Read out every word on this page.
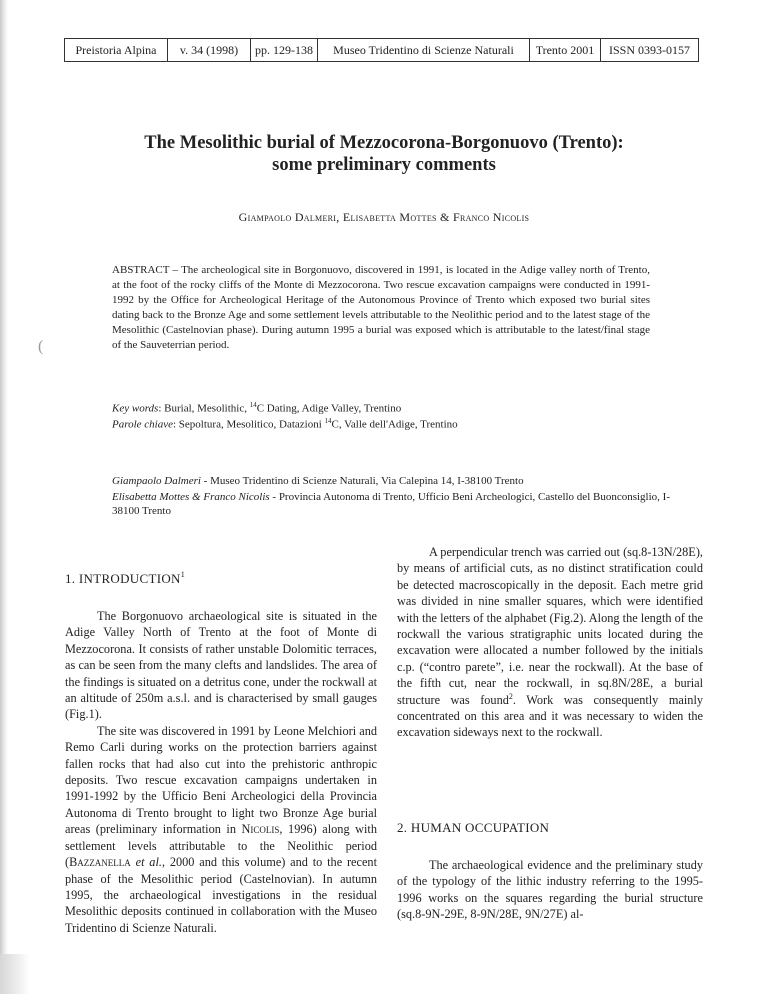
(
Preistoria Alpina	v. 34 (1998)	pp. 129-138	Museo Tridentino di Scienze Naturali	Trento 2001	ISSN 0393-0157
The Mesolithic burial of Mezzocorona-Borgonuovo (Trento):
some preliminary comments
Giampaolo Dalmeri, Elisabetta Mottes & Franco Nicolis
ABSTRACT – The archeological site in Borgonuovo, discovered in 1991, is located in the Adige valley north of Trento, at the foot of the rocky cliffs of the Monte di Mezzocorona. Two rescue excavation campaigns were conducted in 1991-1992 by the Office for Archeological Heritage of the Autonomous Province of Trento which exposed two burial sites dating back to the Bronze Age and some settlement levels attributable to the Neolithic period and to the latest stage of the Mesolithic (Castelnovian phase). During autumn 1995 a burial was exposed which is attributable to the latest/final stage of the Sauveterrian period.
Key words: Burial, Mesolithic, $^{14}$C Dating, Adige Valley, Trentino
Parole chiave: Sepoltura, Mesolitico, Datazioni $^{14}$C, Valle dell'Adige, Trentino
Giampaolo Dalmeri - Museo Tridentino di Scienze Naturali, Via Calepina 14, I-38100 Trento
Elisabetta Mottes & Franco Nicolis - Provincia Autonoma di Trento, Ufficio Beni Archeologici, Castello del Buonconsiglio, I-38100 Trento
1. INTRODUCTION$^1$

The Borgonuovo archaeological site is situated in the Adige Valley North of Trento at the foot of Monte di Mezzocorona. It consists of rather unstable Dolomitic terraces, as can be seen from the many clefts and landslides. The area of the findings is situated on a detritus cone, under the rockwall at an altitude of 250m a.s.l. and is characterised by small gauges (Fig.1).

The site was discovered in 1991 by Leone Melchiori and Remo Carli during works on the protection barriers against fallen rocks that had also cut into the prehistoric anthropic deposits. Two rescue excavation campaigns undertaken in 1991-1992 by the Ufficio Beni Archeologici della Provincia Autonoma di Trento brought to light two Bronze Age burial areas (preliminary information in Nicolis, 1996) along with settlement levels attributable to the Neolithic period (Bazzanella et al., 2000 and this volume) and to the recent phase of the Mesolithic period (Castelnovian). In autumn 1995, the archaeological investigations in the residual Mesolithic deposits continued in collaboration with the Museo Tridentino di Scienze Naturali.

A perpendicular trench was carried out (sq.8-13N/28E), by means of artificial cuts, as no distinct stratification could be detected macroscopically in the deposit. Each metre grid was divided in nine smaller squares, which were identified with the letters of the alphabet (Fig.2). Along the length of the rockwall the various stratigraphic units located during the excavation were allocated a number followed by the initials c.p. (“contro parete”, i.e. near the rockwall). At the base of the fifth cut, near the rockwall, in sq.8N/28E, a burial structure was found$^2$. Work was consequently mainly concentrated on this area and it was necessary to widen the excavation sideways next to the rockwall.

2. HUMAN OCCUPATION

The archaeological evidence and the preliminary study of the typology of the lithic industry referring to the 1995-1996 works on the squares regarding the burial structure (sq.8-9N-29E, 8-9N/28E, 9N/27E) al-
